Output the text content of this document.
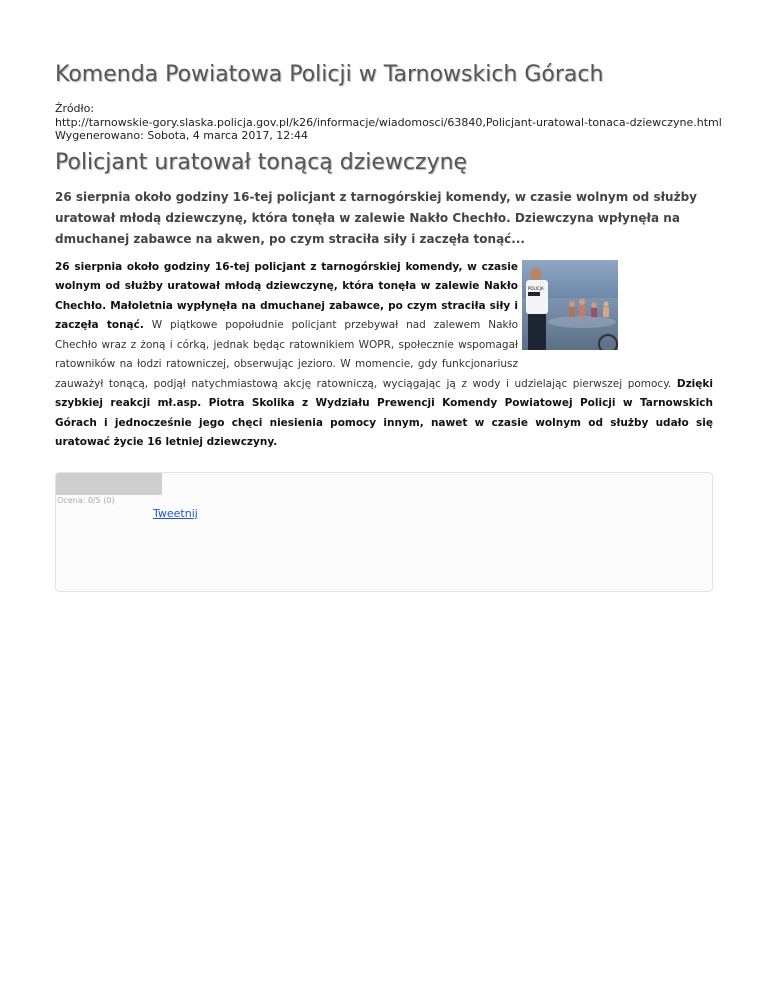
Komenda Powiatowa Policji w Tarnowskich Górach
Źródło:
http://tarnowskie-gory.slaska.policja.gov.pl/k26/informacje/wiadomosci/63840,Policjant-uratowal-tonaca-dziewczyne.html
Wygenerowano: Sobota, 4 marca 2017, 12:44
Policjant uratował tonącą dziewczynę

26 sierpnia około godziny 16-tej policjant z tarnogórskiej komendy, w czasie wolnym od służby uratował młodą dziewczynę, która tonęła w zalewie Nakło Chechło. Dziewczyna wpłynęła na dmuchanej zabawce na akwen, po czym straciła siły i zaczęła tonąć...

POLICJA
26 sierpnia około godziny 16-tej policjant z tarnogórskiej komendy, w czasie wolnym od służby uratował młodą dziewczynę, która tonęła w zalewie Nakło Chechło. Małoletnia wypłynęła na dmuchanej zabawce, po czym straciła siły i zaczęła tonąć. W piątkowe popołudnie policjant przebywał nad zalewem Nakło Chechło wraz z żoną i córką, jednak będąc ratownikiem WOPR, społecznie wspomagał ratowników na łodzi ratowniczej, obserwując jezioro. W momencie, gdy funkcjonariusz zauważył tonącą, podjął natychmiastową akcję ratowniczą, wyciągając ją z wody i udzielając pierwszej pomocy. Dzięki szybkiej reakcji mł.asp. Piotra Skolika z Wydziału Prewencji Komendy Powiatowej Policji w Tarnowskich Górach i jednocześnie jego chęci niesienia pomocy innym, nawet w czasie wolnym od służby udało się uratować życie 16 letniej dziewczyny.
Ocena: 0/5 (0)
Tweetnij
